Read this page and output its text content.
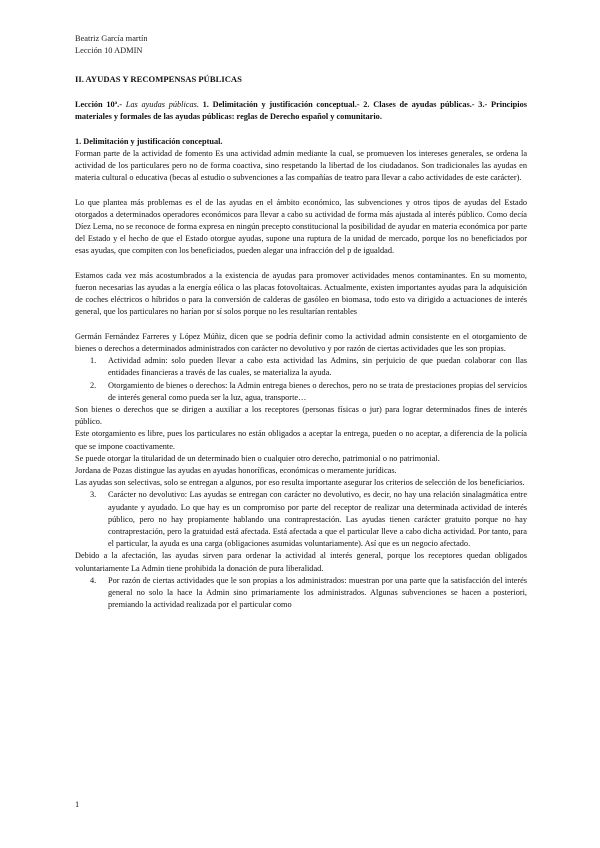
Beatriz García martín
Lección 10 ADMIN

II. AYUDAS Y RECOMPENSAS PÚBLICAS

Lección 10ª.- Las ayudas públicas. 1. Delimitación y justificación conceptual.- 2. Clases de ayudas públicas.- 3.- Principios materiales y formales de las ayudas públicas: reglas de Derecho español y comunitario.

1. Delimitación y justificación conceptual.

Forman parte de la actividad de fomento Es una actividad admin mediante la cual, se promueven los intereses generales, se ordena la actividad de los particulares pero no de forma coactiva, sino respetando la libertad de los ciudadanos. Son tradicionales las ayudas en materia cultural o educativa (becas al estudio o subvenciones a las compañías de teatro para llevar a cabo actividades de este carácter).

Lo que plantea más problemas es el de las ayudas en el ámbito económico, las subvenciones y otros tipos de ayudas del Estado otorgados a determinados operadores económicos para llevar a cabo su actividad de forma más ajustada al interés público. Como decía Díez Lema, no se reconoce de forma expresa en ningún precepto constitucional la posibilidad de ayudar en materia económica por parte del Estado y el hecho de que el Estado otorgue ayudas, supone una ruptura de la unidad de mercado, porque los no beneficiados por esas ayudas, que compiten con los beneficiados, pueden alegar una infracción del p de igualdad.

Estamos cada vez más acostumbrados a la existencia de ayudas para promover actividades menos contaminantes. En su momento, fueron necesarias las ayudas a la energía eólica o las placas fotovoltaicas. Actualmente, existen importantes ayudas para la adquisición de coches eléctricos o híbridos o para la conversión de calderas de gasóleo en biomasa, todo esto va dirigido a actuaciones de interés general, que los particulares no harían por sí solos porque no les resultarían rentables

Germán Fernández Farreres y López Múñiz, dicen que se podría definir como la actividad admin consistente en el otorgamiento de bienes o derechos a determinados administrados con carácter no devolutivo y por razón de ciertas actividades que les son propias.

1. Actividad admin: solo pueden llevar a cabo esta actividad las Admins, sin perjuicio de que puedan colaborar con llas entidades financieras a través de las cuales, se materializa la ayuda.
2. Otorgamiento de bienes o derechos: la Admin entrega bienes o derechos, pero no se trata de prestaciones propias del servicios de interés general como pueda ser la luz, agua, transporte…

Son bienes o derechos que se dirigen a auxiliar a los receptores (personas físicas o jur) para lograr determinados fines de interés público.

Este otorgamiento es libre, pues los particulares no están obligados a aceptar la entrega, pueden o no aceptar, a diferencia de la policía que se impone coactivamente.

Se puede otorgar la titularidad de un determinado bien o cualquier otro derecho, patrimonial o no patrimonial.

Jordana de Pozas distingue las ayudas en ayudas honoríficas, económicas o meramente jurídicas.

Las ayudas son selectivas, solo se entregan a algunos, por eso resulta importante asegurar los criterios de selección de los beneficiarios.

3. Carácter no devolutivo: Las ayudas se entregan con carácter no devolutivo, es decir, no hay una relación sinalagmática entre ayudante y ayudado. Lo que hay es un compromiso por parte del receptor de realizar una determinada actividad de interés público, pero no hay propiamente hablando una contraprestación. Las ayudas tienen carácter gratuito porque no hay contraprestación, pero la gratuidad está afectada. Está afectada a que el particular lleve a cabo dicha actividad. Por tanto, para el particular, la ayuda es una carga (obligaciones asumidas voluntariamente). Así que es un negocio afectado.

Debido a la afectación, las ayudas sirven para ordenar la actividad al interés general, porque los receptores quedan obligados voluntariamente La Admin tiene prohibida la donación de pura liberalidad.

4. Por razón de ciertas actividades que le son propias a los administrados: muestran por una parte que la satisfacción del interés general no solo la hace la Admin sino primariamente los administrados. Algunas subvenciones se hacen a posteriori, premiando la actividad realizada por el particular como
1
